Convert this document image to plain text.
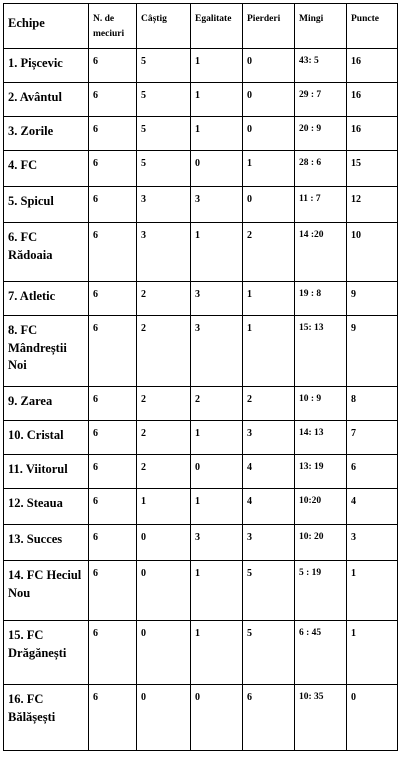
Echipe	N. de meciuri	Câștig	Egalitate	Pierderi	Mingi	Puncte
1. Pișcevic	6	5	1	0	43: 5	16
2. Avântul	6	5	1	0	29 : 7	16
3. Zorile	6	5	1	0	20 : 9	16
4. FC	6	5	0	1	28 : 6	15
5. Spicul	6	3	3	0	11 : 7	12
6. FC Rădoaia	6	3	1	2	14 :20	10
7. Atletic	6	2	3	1	19 : 8	9
8. FC Mândreștii Noi	6	2	3	1	15: 13	9
9. Zarea	6	2	2	2	10 : 9	8
10. Cristal	6	2	1	3	14: 13	7
11. Viitorul	6	2	0	4	13: 19	6
12. Steaua	6	1	1	4	10:20	4
13. Succes	6	0	3	3	10: 20	3
14. FC Heciul Nou	6	0	1	5	5 : 19	1
15. FC Drăgănești	6	0	1	5	6 : 45	1
16. FC Bălășești	6	0	0	6	10: 35	0
